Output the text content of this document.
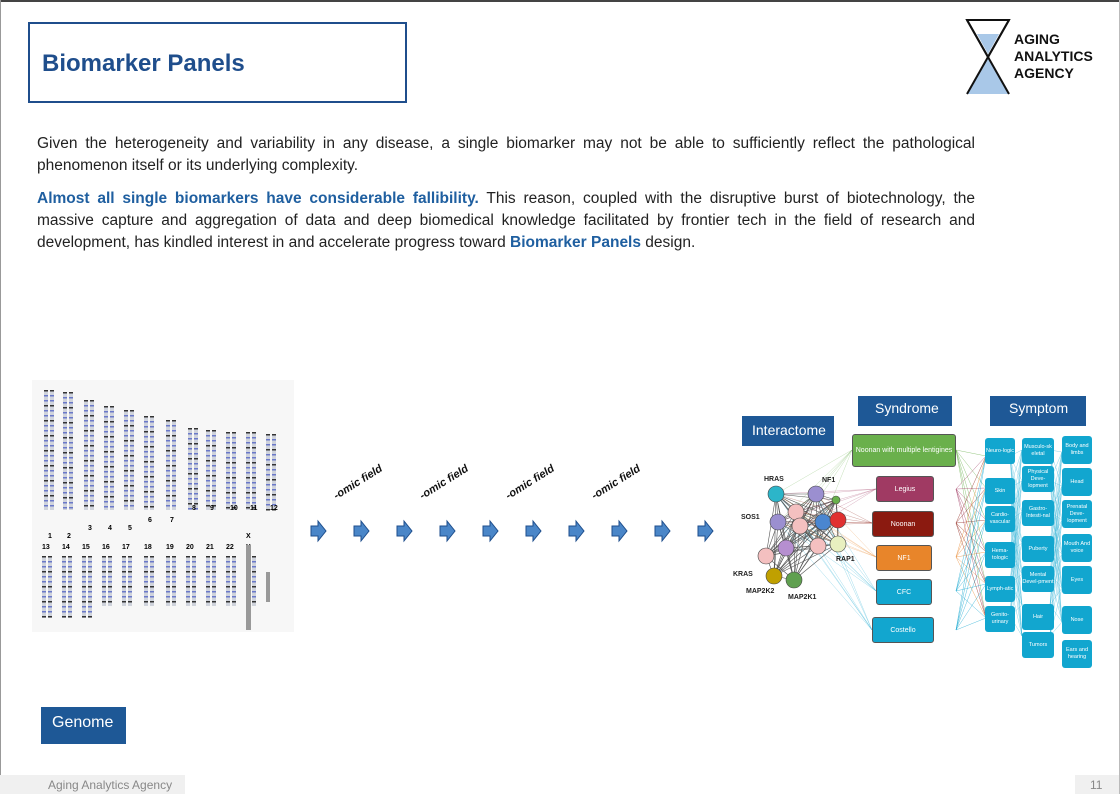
Biomarker Panels
AGING
ANALYTICS
AGENCY
Given the heterogeneity and variability in any disease, a single biomarker may not be able to sufficiently reflect the pathological phenomenon itself or its underlying complexity.
Almost all single biomarkers have considerable fallibility. This reason, coupled with the disruptive burst of biotechnology, the massive capture and aggregation of data and deep biomedical knowledge facilitated by frontier tech in the field of research and development, has kindled interest in and accelerate progress toward Biomarker Panels design.
1 2
3 4 5
6	7
8 9 10 11 12
X
13 14 15 16 17 18 19 20 21 22
-omic field	-omic field	-omic field	-omic field
Genome
Interactome
Syndrome	Symptom
HRAS	NF1
SOS1
RAP1
KRAS
MAP2K2
MAP2K1
Noonan with multiple lentigines
Legius
Noonan
NF1
CFC
Costello
Neuro-logic
Skin
Cardio-vascular
Hema-tologic
Lymph-atic
Genito-urinary
Musculo-sk eletal
Physical Deve-lopment
Gastro-Intesti-nal
Puberty
Mental Devel-pment
Hair
Tumors
Body and limbs
Head
Prenatal Deve-lopment
Mouth And voice
Eyes
Nose
Ears and hearing
Aging Analytics Agency	11
